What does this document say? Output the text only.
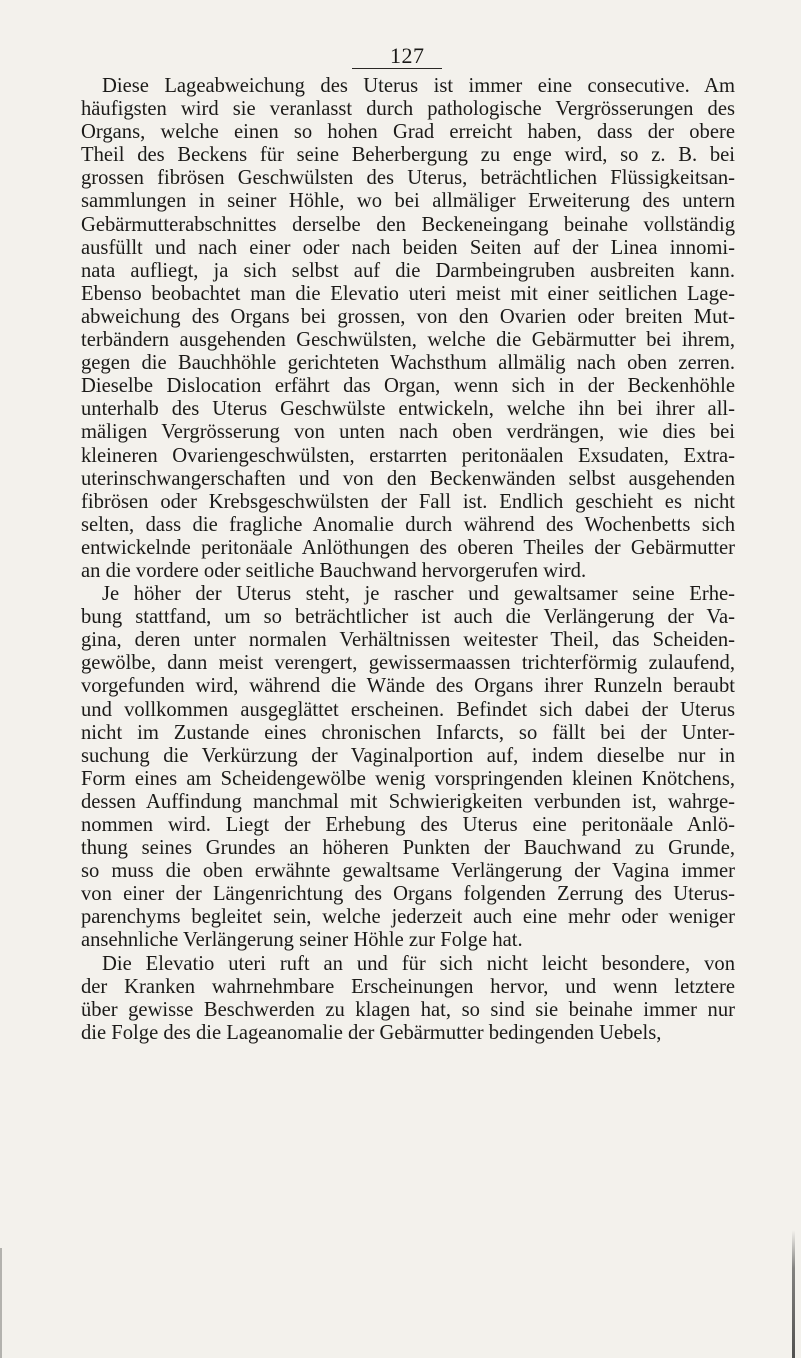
127

Diese Lageabweichung des Uterus ist immer eine consecutive. Am
häufigsten wird sie veranlasst durch pathologische Vergrösserungen des
Organs, welche einen so hohen Grad erreicht haben, dass der obere
Theil des Beckens für seine Beherbergung zu enge wird, so z. B. bei
grossen fibrösen Geschwülsten des Uterus, beträchtlichen Flüssigkeitsan-
sammlungen in seiner Höhle, wo bei allmäliger Erweiterung des untern
Gebärmutterabschnittes derselbe den Beckeneingang beinahe vollständig
ausfüllt und nach einer oder nach beiden Seiten auf der Linea innomi-
nata aufliegt, ja sich selbst auf die Darmbeingruben ausbreiten kann.
Ebenso beobachtet man die Elevatio uteri meist mit einer seitlichen Lage-
abweichung des Organs bei grossen, von den Ovarien oder breiten Mut-
terbändern ausgehenden Geschwülsten, welche die Gebärmutter bei ihrem,
gegen die Bauchhöhle gerichteten Wachsthum allmälig nach oben zerren.
Dieselbe Dislocation erfährt das Organ, wenn sich in der Beckenhöhle
unterhalb des Uterus Geschwülste entwickeln, welche ihn bei ihrer all-
mäligen Vergrösserung von unten nach oben verdrängen, wie dies bei
kleineren Ovariengeschwülsten, erstarrten peritonäalen Exsudaten, Extra-
uterinschwangerschaften und von den Beckenwänden selbst ausgehenden
fibrösen oder Krebsgeschwülsten der Fall ist. Endlich geschieht es nicht
selten, dass die fragliche Anomalie durch während des Wochenbetts sich
entwickelnde peritonäale Anlöthungen des oberen Theiles der Gebärmutter
an die vordere oder seitliche Bauchwand hervorgerufen wird.

Je höher der Uterus steht, je rascher und gewaltsamer seine Erhe-
bung stattfand, um so beträchtlicher ist auch die Verlängerung der Va-
gina, deren unter normalen Verhältnissen weitester Theil, das Scheiden-
gewölbe, dann meist verengert, gewissermaassen trichterförmig zulaufend,
vorgefunden wird, während die Wände des Organs ihrer Runzeln beraubt
und vollkommen ausgeglättet erscheinen. Befindet sich dabei der Uterus
nicht im Zustande eines chronischen Infarcts, so fällt bei der Unter-
suchung die Verkürzung der Vaginalportion auf, indem dieselbe nur in
Form eines am Scheidengewölbe wenig vorspringenden kleinen Knötchens,
dessen Auffindung manchmal mit Schwierigkeiten verbunden ist, wahrge-
nommen wird. Liegt der Erhebung des Uterus eine peritonäale Anlö-
thung seines Grundes an höheren Punkten der Bauchwand zu Grunde,
so muss die oben erwähnte gewaltsame Verlängerung der Vagina immer
von einer der Längenrichtung des Organs folgenden Zerrung des Uterus-
parenchyms begleitet sein, welche jederzeit auch eine mehr oder weniger
ansehnliche Verlängerung seiner Höhle zur Folge hat.

Die Elevatio uteri ruft an und für sich nicht leicht besondere, von
der Kranken wahrnehmbare Erscheinungen hervor, und wenn letztere
über gewisse Beschwerden zu klagen hat, so sind sie beinahe immer nur
die Folge des die Lageanomalie der Gebärmutter bedingenden Uebels,
